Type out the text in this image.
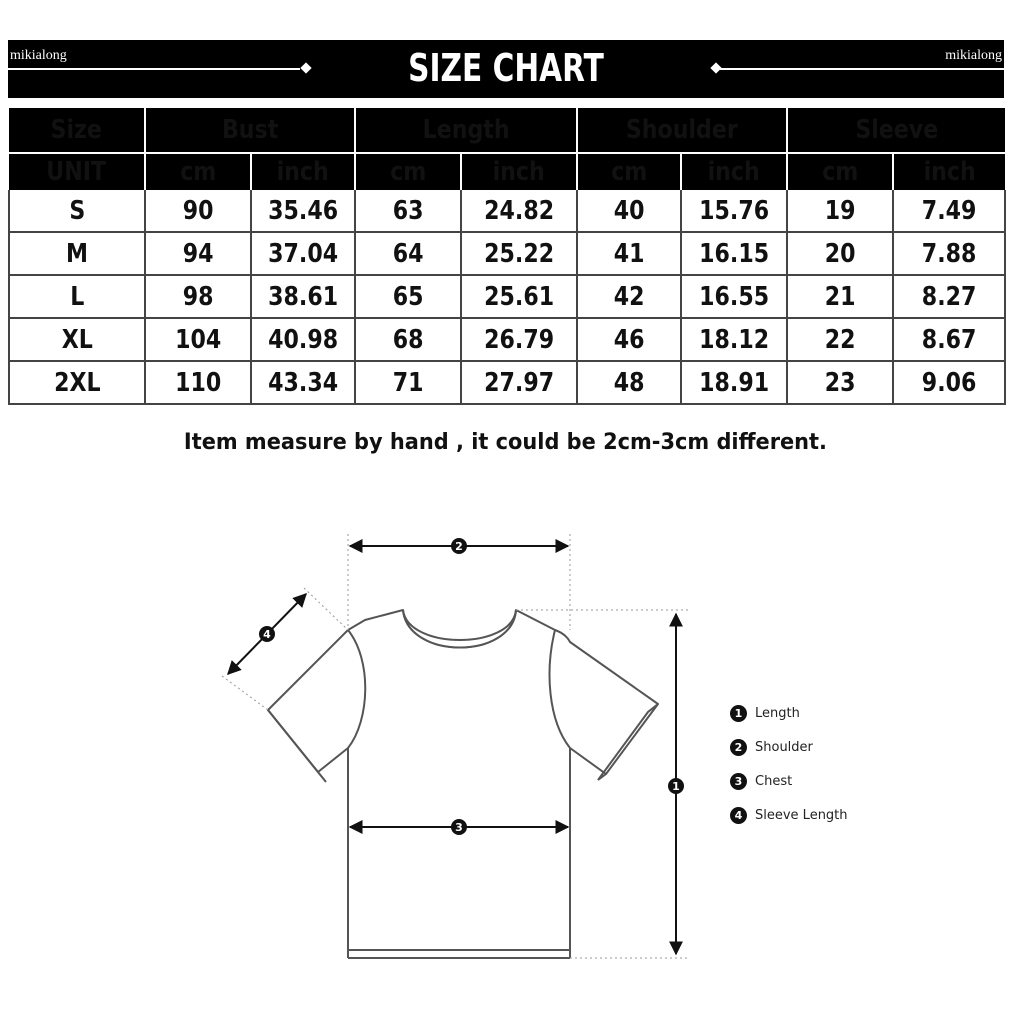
mikialong	SIZE CHART	mikialong
Size	Bust		Length		Shoulder		Sleeve	
UNIT	cm	inch	cm	inch	cm	inch	cm	inch
S	90	35.46	63	24.82	40	15.76	19	7.49
M	94	37.04	64	25.22	41	16.15	20	7.88
L	98	38.61	65	25.61	42	16.55	21	8.27
XL	104	40.98	68	26.79	46	18.12	22	8.67
2XL	110	43.34	71	27.97	48	18.91	23	9.06
Item measure by hand , it could be 2cm-3cm different.
2
3
1
4
1 Length
2 Shoulder
3 Chest
4 Sleeve Length
